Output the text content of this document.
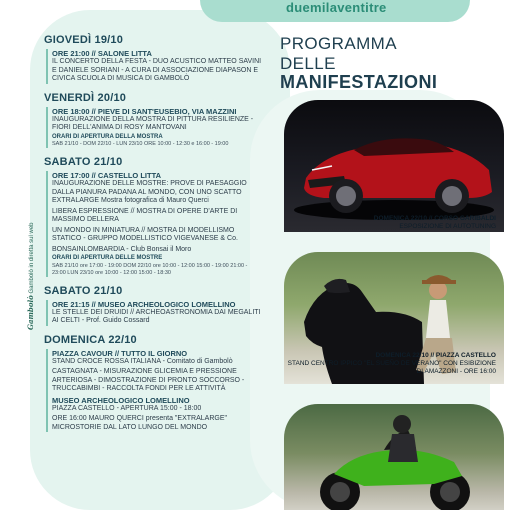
duemilaventitre
Gambolò Gambolò in diretta sul web
GIOVEDÌ 19/10
ORE 21:00 // SALONE LITTA
IL CONCERTO DELLA FESTA - DUO ACUSTICO MATTEO SAVINI E DANIELE SORIANI - A CURA DI ASSOCIAZIONE DIAPASON E CIVICA SCUOLA DI MUSICA DI GAMBOLÒ
VENERDÌ 20/10
ORE 18:00 // PIEVE DI SANT'EUSEBIO, VIA MAZZINI
INAUGURAZIONE DELLA MOSTRA DI PITTURA RESILIENZE - FIORI DELL'ANIMA DI ROSY MANTOVANI
ORARI DI APERTURA DELLA MOSTRA
SAB 21/10 - DOM 22/10 - LUN 23/10 ORE 10:00 - 12:30 e 16:00 - 19:00
SABATO 21/10
ORE 17:00 // CASTELLO LITTA
INAUGURAZIONE DELLE MOSTRE: PROVE DI PAESAGGIO DALLA PIANURA PADANA AL MONDO, CON UNO SCATTO EXTRALARGE Mostra fotografica di Mauro Querci
LIBERA ESPRESSIONE // MOSTRA DI OPERE D'ARTE DI MASSIMO DELLERA
UN MONDO IN MINIATURA // MOSTRA DI MODELLISMO STATICO - GRUPPO MODELLISTICO VIGEVANESE & Co.
BONSAINLOMBARDIA - Club Bonsai il Moro
ORARI DI APERTURA DELLE MOSTRE
SAB 21/10 ore 17:00 - 19:00 DOM 22/10 ore 10:00 - 12:00 15:00 - 19:00 21:00 - 23:00 LUN 23/10 ore 10:00 - 12:00 15:00 - 18:30
SABATO 21/10
ORE 21:15 // MUSEO ARCHEOLOGICO LOMELLINO
LE STELLE DEI DRUIDI // ARCHEOASTRONOMIA DAI MEGALITI AI CELTI - Prof. Guido Cossard
DOMENICA 22/10
PIAZZA CAVOUR // TUTTO IL GIORNO
STAND CROCE ROSSA ITALIANA - Comitato di Gambolò
CASTAGNATA - MISURAZIONE GLICEMIA E PRESSIONE ARTERIOSA - DIMOSTRAZIONE DI PRONTO SOCCORSO - TRUCCABIMBI - RACCOLTA FONDI PER LE ATTIVITÀ
MUSEO ARCHEOLOGICO LOMELLINO
PIAZZA CASTELLO - APERTURA 15:00 - 18:00
ORE 16:00 MAURO QUERCI presenta "EXTRALARGE" MICROSTORIE DAL LATO LUNGO DEL MONDO
PROGRAMMA
DELLE
MANIFESTAZIONI
DOMENICA 22/10 // CORSO GARIBALDI
ESPOSIZIONE DI AUTOTUNING
DOMENICA 22/10 // PIAZZA CASTELLO
STAND CENTRO IPPICO "EL SUEÑO DE VERANO" CON ESIBIZIONE DI AMAZZONI - ORE 16:00
